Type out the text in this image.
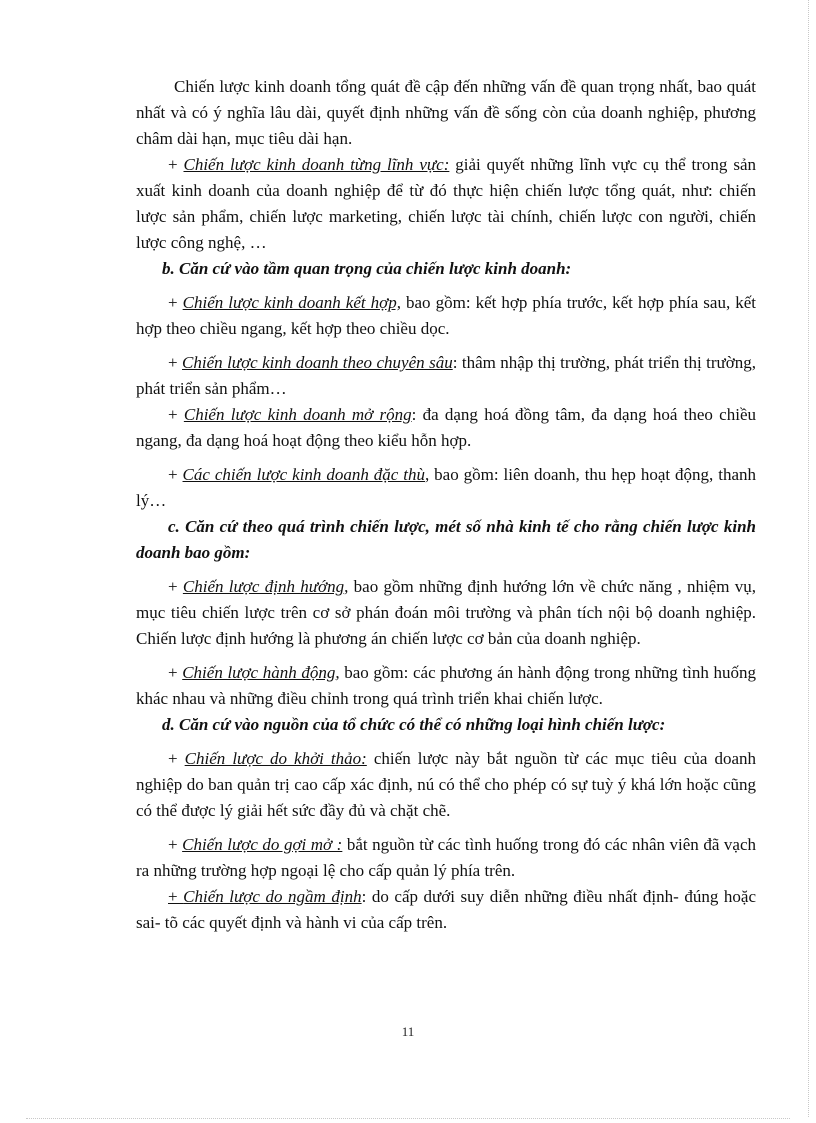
Chiến lược kinh doanh tổng quát đề cập đến những vấn đề quan trọng nhất, bao quát nhất và có ý nghĩa lâu dài, quyết định những vấn đề sống còn của doanh nghiệp, phương châm dài hạn, mục tiêu dài hạn.

+ Chiến lược kinh doanh từng lĩnh vực: giải quyết những lĩnh vực cụ thể trong sản xuất kinh doanh của doanh nghiệp để từ đó thực hiện chiến lược tổng quát, như: chiến lược sản phẩm, chiến lược marketing, chiến lược tài chính, chiến lược con người, chiến lược công nghệ, …

b. Căn cứ vào tầm quan trọng của chiến lược kinh doanh:

+ Chiến lược kinh doanh kết hợp, bao gồm: kết hợp phía trước, kết hợp phía sau, kết hợp theo chiều ngang, kết hợp theo chiều dọc.

+ Chiến lược kinh doanh theo chuyên sâu: thâm nhập thị trường, phát triển thị trường, phát triển sản phẩm…

+ Chiến lược kinh doanh mở rộng: đa dạng hoá đồng tâm, đa dạng hoá theo chiều ngang, đa dạng hoá hoạt động theo kiểu hỗn hợp.

+ Các chiến lược kinh doanh đặc thù, bao gồm: liên doanh, thu hẹp hoạt động, thanh lý…

c. Căn cứ theo quá trình chiến lược, mét số nhà kinh tế cho rằng chiến lược kinh doanh bao gồm:

+ Chiến lược định hướng, bao gồm những định hướng lớn về chức năng , nhiệm vụ, mục tiêu chiến lược trên cơ sở phán đoán môi trường và phân tích nội bộ doanh nghiệp. Chiến lược định hướng là phương án chiến lược cơ bản của doanh nghiệp.

+ Chiến lược hành động, bao gồm: các phương án hành động trong những tình huống khác nhau và những điều chỉnh trong quá trình triển khai chiến lược.

d. Căn cứ vào nguồn của tổ chức có thể có những loại hình chiến lược:

+ Chiến lược do khởi thảo: chiến lược này bắt nguồn từ các mục tiêu của doanh nghiệp do ban quản trị cao cấp xác định, nú có thể cho phép có sự tuỳ ý khá lớn hoặc cũng có thể được lý giải hết sức đầy đủ và chặt chẽ.

+ Chiến lược do gợi mở : bắt nguồn từ các tình huống trong đó các nhân viên đã vạch ra những trường hợp ngoại lệ cho cấp quản lý phía trên.

+ Chiến lược do ngầm định: do cấp dưới suy diễn những điều nhất định- đúng hoặc sai- tõ các quyết định và hành vi của cấp trên.

11
